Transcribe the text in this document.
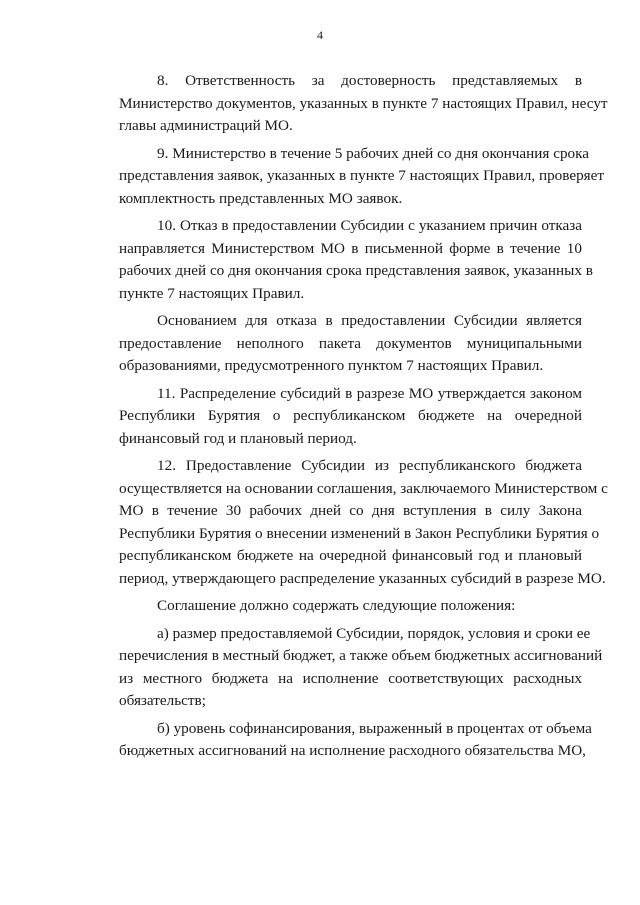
4
8. Ответственность за достоверность представляемых в
Министерство документов, указанных в пункте 7 настоящих Правил, несут
главы администраций МО.
9. Министерство в течение 5 рабочих дней со дня окончания срока
представления заявок, указанных в пункте 7 настоящих Правил, проверяет
комплектность представленных МО заявок.
10. Отказ в предоставлении Субсидии с указанием причин отказа
направляется Министерством МО в письменной форме в течение 10
рабочих дней со дня окончания срока представления заявок, указанных в
пункте 7 настоящих Правил.
Основанием для отказа в предоставлении Субсидии является
предоставление неполного пакета документов муниципальными
образованиями, предусмотренного пунктом 7 настоящих Правил.
11. Распределение субсидий в разрезе МО утверждается законом
Республики Бурятия о республиканском бюджете на очередной
финансовый год и плановый период.
12. Предоставление Субсидии из республиканского бюджета
осуществляется на основании соглашения, заключаемого Министерством с
МО в течение 30 рабочих дней со дня вступления в силу Закона
Республики Бурятия о внесении изменений в Закон Республики Бурятия о
республиканском бюджете на очередной финансовый год и плановый
период, утверждающего распределение указанных субсидий в разрезе МО.
Соглашение должно содержать следующие положения:
а) размер предоставляемой Субсидии, порядок, условия и сроки ее
перечисления в местный бюджет, а также объем бюджетных ассигнований
из местного бюджета на исполнение соответствующих расходных
обязательств;
б) уровень софинансирования, выраженный в процентах от объема
бюджетных ассигнований на исполнение расходного обязательства МО,
